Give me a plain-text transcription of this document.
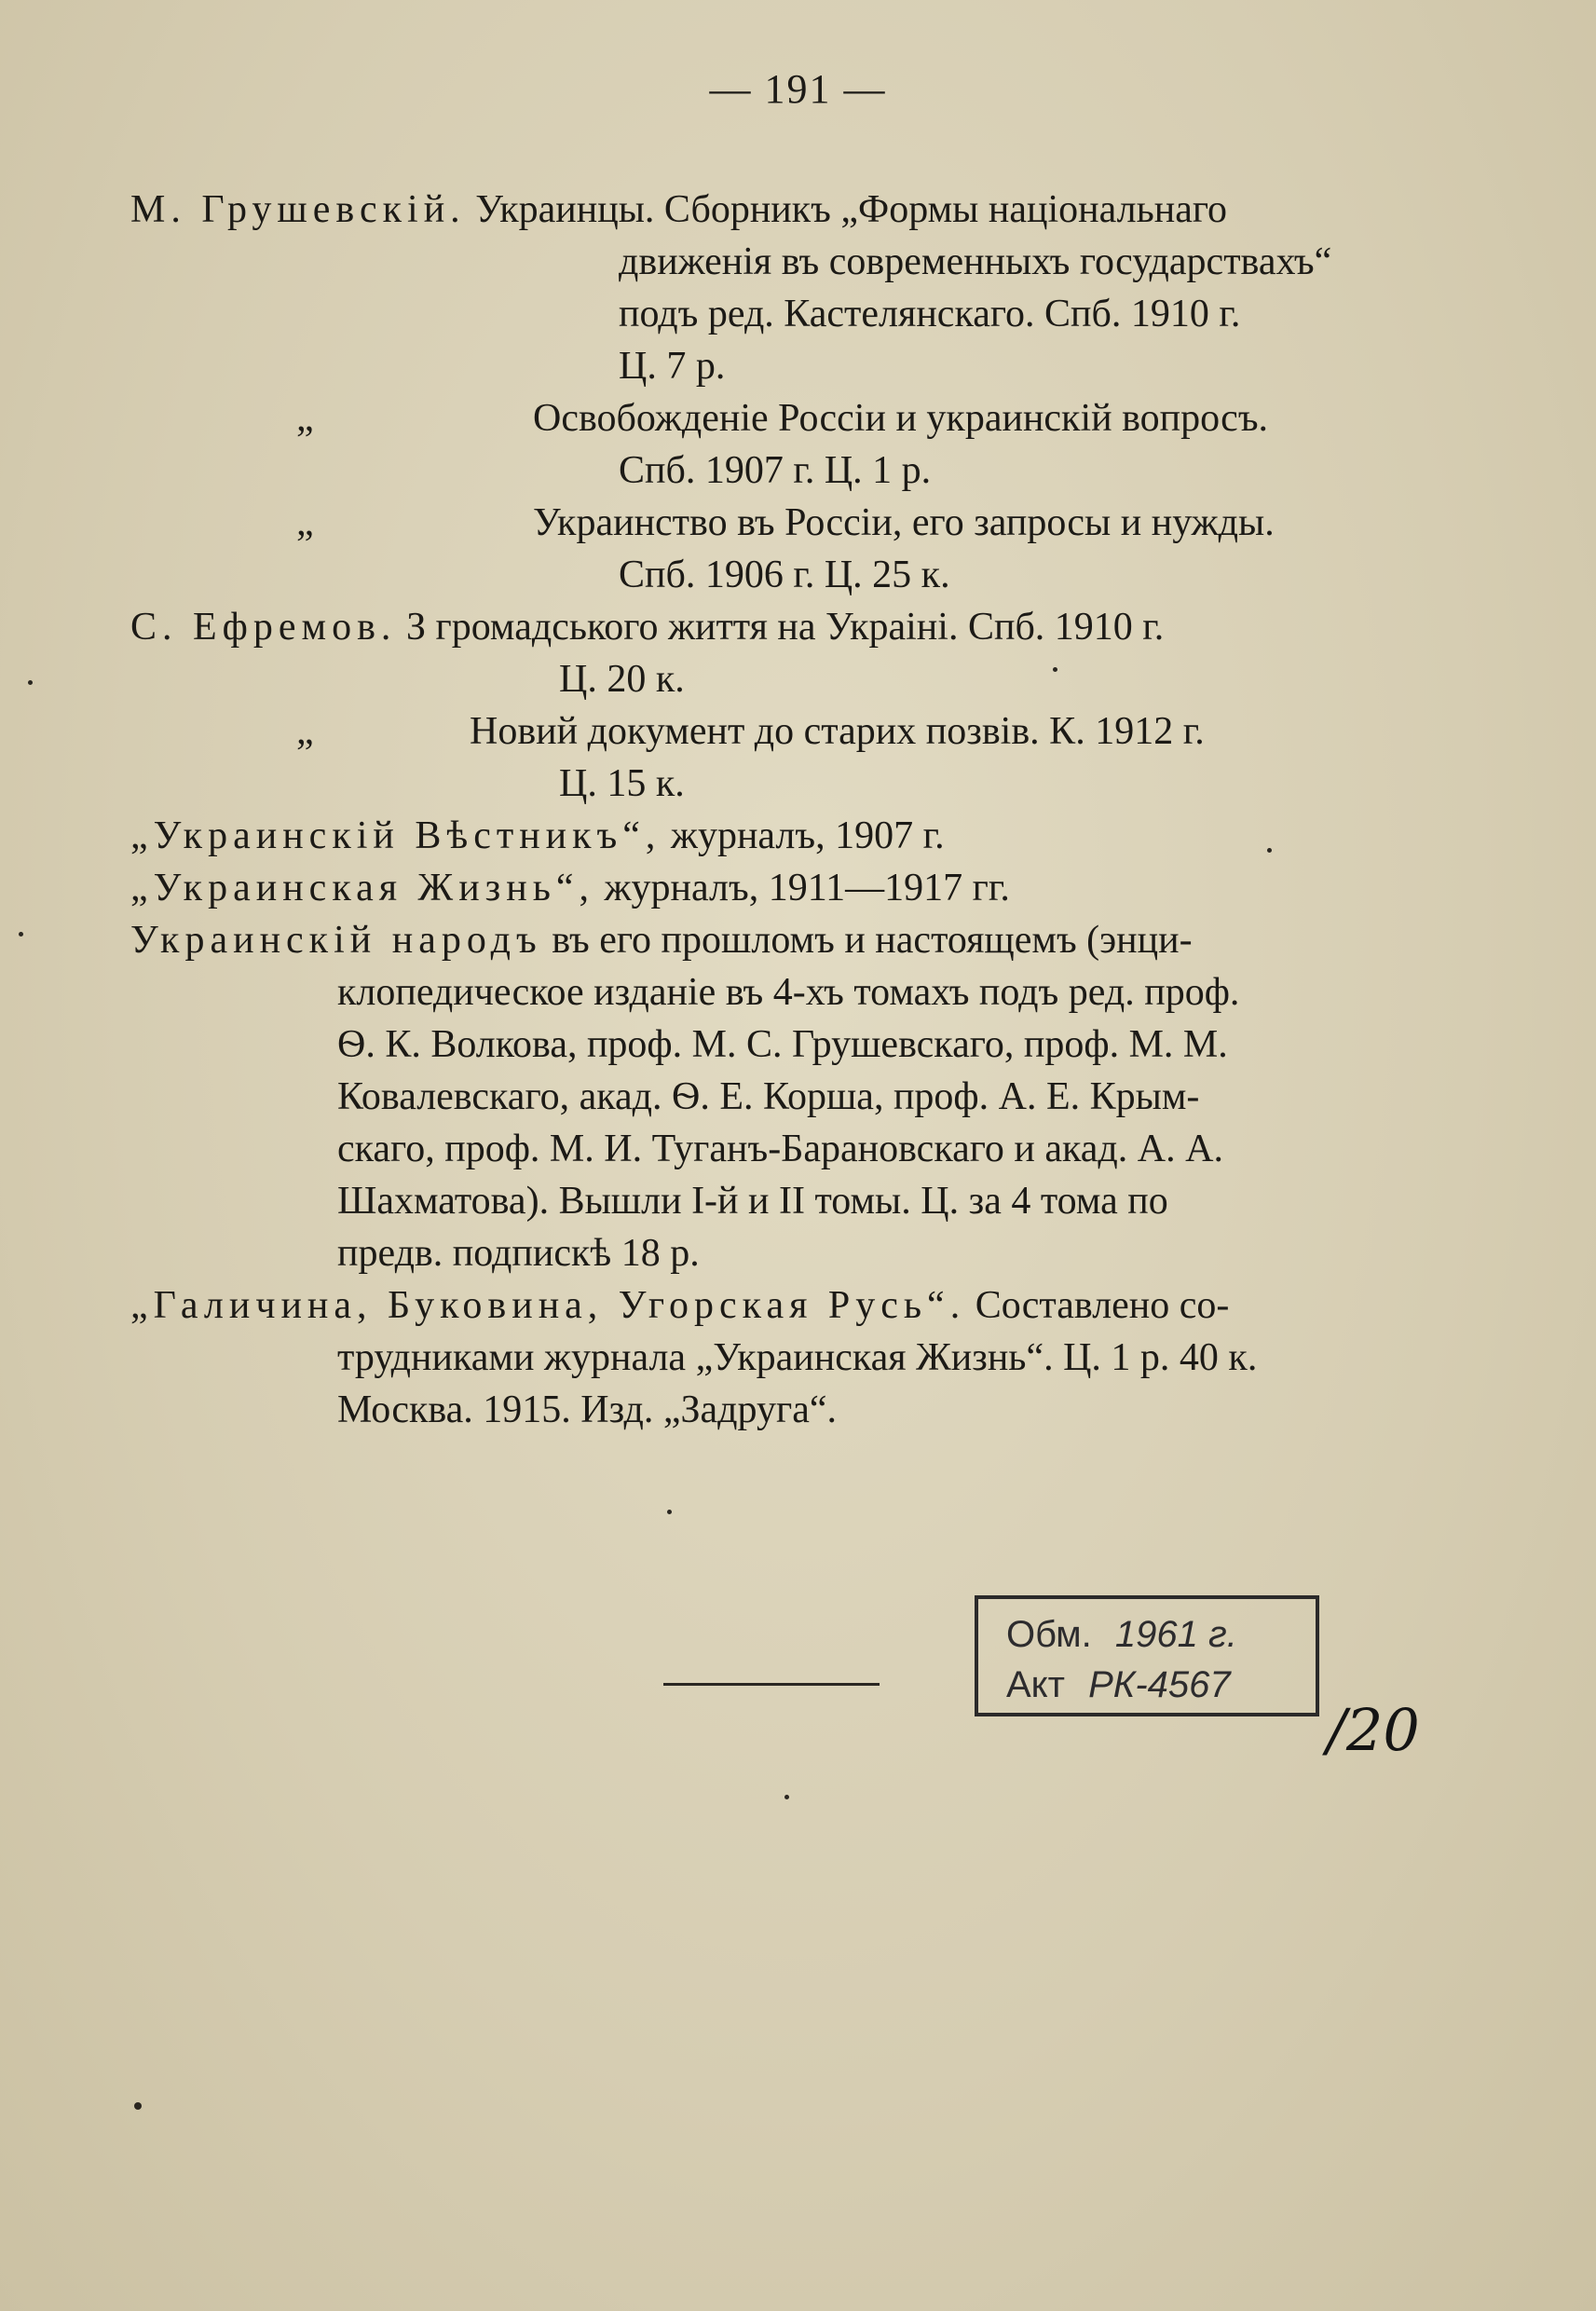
— 191 —
М. Грушевскій. Украинцы. Сборникъ „Формы національнаго
движенія въ современныхъ государствахъ“
подъ ред. Кастелянскаго. Спб. 1910 г.
Ц. 7 р.
„	Освобожденіе Россіи и украинскій вопросъ.
Спб. 1907 г. Ц. 1 р.
„	Украинство въ Россіи, его запросы и нужды.
Спб. 1906 г. Ц. 25 к.
С. Ефремов. З громадського життя на Украіні. Спб. 1910 г.
Ц. 20 к.
„	Новий документ до старих позвів. К. 1912 г.
Ц. 15 к.
„Украинскій Вѣстникъ“, журналъ, 1907 г.
„Украинская Жизнь“, журналъ, 1911—1917 гг.
Украинскій народъ въ его прошломъ и настоящемъ (энци-
клопедическое изданіе въ 4-хъ томахъ подъ ред. проф.
Ѳ. К. Волкова, проф. М. С. Грушевскаго, проф. М. М.
Ковалевскаго, акад. Ѳ. Е. Корша, проф. А. Е. Крым-
скаго, проф. М. И. Туганъ-Барановскаго и акад. А. А.
Шахматова). Вышли I-й и II томы. Ц. за 4 тома по
предв. подпискѣ 18 р.
„Галичина, Буковина, Угорская Русь“. Составлено со-
трудниками журнала „Украинская Жизнь“. Ц. 1 р. 40 к.
Москва. 1915. Изд. „Задруга“.
Обм. 1961 г.
Акт РК-4567
/20
